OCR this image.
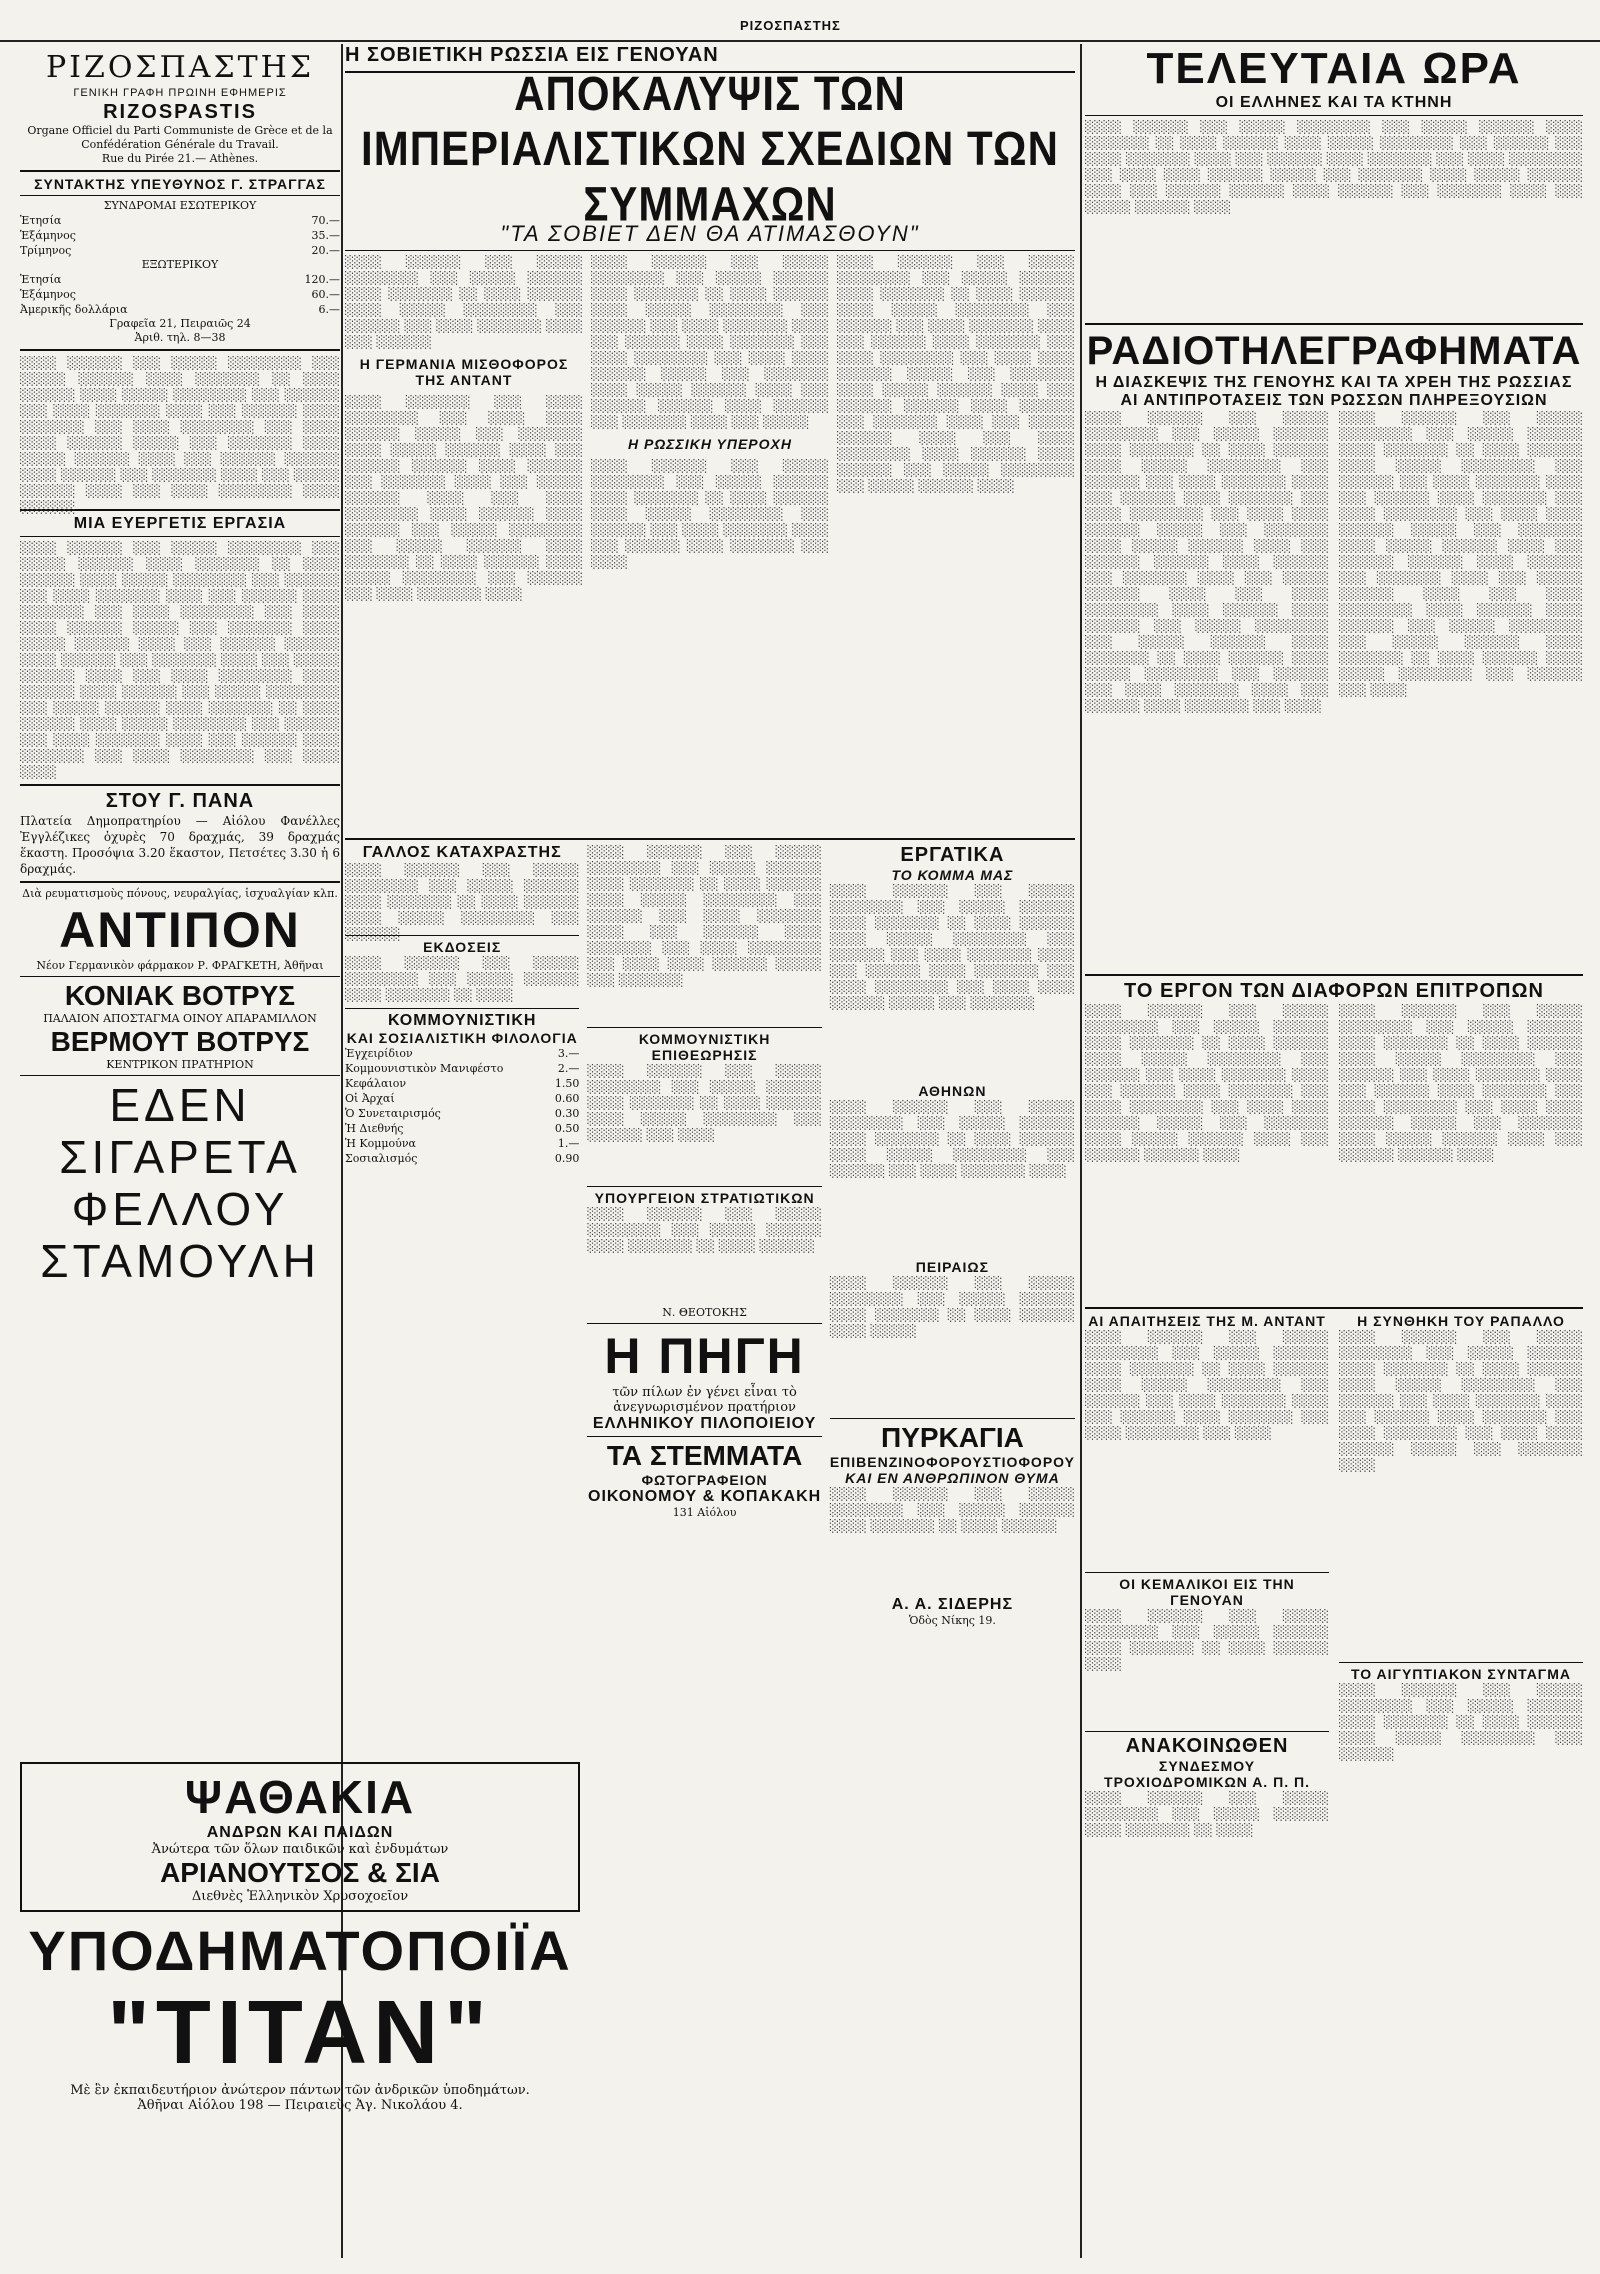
ΡΙΖΟΣΠΑΣΤΗΣ
ΡΙΖΟΣΠΑΣΤΗΣ
ΓΕΝΙΚΗ ΓΡΑΦΗ ΠΡΩΙΝΗ ΕΦΗΜΕΡΙΣ
RIZOSPASTIS
Organe Officiel du Parti Communiste de Grèce et de la Confédération Générale du Travail.
Rue du Pirée 21.— Athènes.
ΣΥΝΤΑΚΤΗΣ ΥΠΕΥΘΥΝΟΣ Γ. ΣΤΡΑΓΓΑΣ
ΣΥΝΔΡΟΜΑΙ ΕΣΩΤΕΡΙΚΟΥ
Ἐτησία	70.—
Ἑξάμηνος	35.—
Τρίμηνος	20.—
ΕΞΩΤΕΡΙΚΟΥ
Ἐτησία	120.—
Ἑξάμηνος	60.—
Ἀμερικῆς δολλάρια	6.—
Γραφεῖα 21, Πειραιῶς 24
Ἀριθ. τηλ. 8—38
░░░░ ░░░░░░ ░░░ ░░░░░ ░░░░░░░░ ░░░ ░░░░░ ░░░░░░ ░░░░ ░░░░░░░ ░░ ░░░░ ░░░░░░ ░░░░ ░░░░░ ░░░░░░░░ ░░░ ░░░░░░ ░░░ ░░░░ ░░░░░░░ ░░░░ ░░░ ░░░░░░ ░░░░ ░░░░░░░ ░░░ ░░░░ ░░░░░░░░ ░░░ ░░░░ ░░░░ ░░░░░░ ░░░░░ ░░░ ░░░░░░░ ░░░░ ░░░░░ ░░░░░░ ░░░░ ░░░ ░░░░░░ ░░░░░░ ░░░░ ░░░░░░ ░░░ ░░░░░░░ ░░░░ ░░░ ░░░░░ ░░░░░░ ░░░░ ░░░ ░░░░ ░░░░░░░░ ░░░░ ░░░░░░
ΜΙΑ ΕΥΕΡΓΕΤΙΣ ΕΡΓΑΣΙΑ
░░░░ ░░░░░░ ░░░ ░░░░░ ░░░░░░░░ ░░░ ░░░░░ ░░░░░░ ░░░░ ░░░░░░░ ░░ ░░░░ ░░░░░░ ░░░░ ░░░░░ ░░░░░░░░ ░░░ ░░░░░░ ░░░ ░░░░ ░░░░░░░ ░░░░ ░░░ ░░░░░░ ░░░░ ░░░░░░░ ░░░ ░░░░ ░░░░░░░░ ░░░ ░░░░ ░░░░ ░░░░░░ ░░░░░ ░░░ ░░░░░░░ ░░░░ ░░░░░ ░░░░░░ ░░░░ ░░░ ░░░░░░ ░░░░░░ ░░░░ ░░░░░░ ░░░ ░░░░░░░ ░░░░ ░░░ ░░░░░ ░░░░░░ ░░░░ ░░░ ░░░░ ░░░░░░░░ ░░░░ ░░░░░░ ░░░░ ░░░░░░ ░░░ ░░░░░ ░░░░░░░░ ░░░ ░░░░░ ░░░░░░ ░░░░ ░░░░░░░ ░░ ░░░░ ░░░░░░ ░░░░ ░░░░░ ░░░░░░░░ ░░░ ░░░░░░ ░░░ ░░░░ ░░░░░░░ ░░░░ ░░░ ░░░░░░ ░░░░ ░░░░░░░ ░░░ ░░░░ ░░░░░░░░ ░░░ ░░░░ ░░░░
ΣΤΟΥ Γ. ΠΑΝΑ
Πλατεία Δημοπρατηρίου — Αἰόλου Φανέλλες Ἐγγλέζικες ὀχυρὲς 70 δραχμάς, 39 δραχμάς ἕκαστη. Προσόψια 3.20 ἕκαστον, Πετσέτες 3.30 ἡ 6 δραχμάς.
Διὰ ρευματισμοὺς πόνους, νευραλγίας, ἰσχυαλγίαν κλπ.
ΑΝΤΙΠΟΝ
Νέον Γερμανικὸν φάρμακον Ρ. ΦΡΑΓΚΕΤΗ, Ἀθῆναι
ΚΟΝΙΑΚ ΒΟΤΡΥΣ
ΠΑΛΑΙΟΝ ΑΠΟΣΤΑΓΜΑ ΟΙΝΟΥ ΑΠΑΡΑΜΙΛΛΟΝ
ΒΕΡΜΟΥΤ ΒΟΤΡΥΣ
ΚΕΝΤΡΙΚΟΝ ΠΡΑΤΗΡΙΟΝ
ΕΔΕΝ
ΣΙΓΑΡΕΤΑ
ΦΕΛΛΟΥ
ΣΤΑΜΟΥΛΗ
ΨΑΘΑΚΙΑ
ΑΝΔΡΩΝ ΚΑΙ ΠΑΙΔΩΝ
Ἀνώτερα τῶν ὅλων παιδικῶν καὶ ἐνδυμάτων
ΑΡΙΑΝΟΥΤΣΟΣ & ΣΙΑ
Διεθνὲς Ἑλληνικὸν Χρυσοχοεῖον
ΥΠΟΔΗΜΑΤΟΠΟΙΪΑ
"ΤΙΤΑΝ"
Μὲ ἓν ἐκπαιδευτήριον ἀνώτερον πάντων τῶν ἀνδρικῶν ὑποδημάτων.
Ἀθῆναι Αἰόλου 198 — Πειραιεὺς Ἀγ. Νικολάου 4.
Η ΣΟΒΙΕΤΙΚΗ ΡΩΣΣΙΑ ΕΙΣ ΓΕΝΟΥΑΝ
ΑΠΟΚΑΛΥΨΙΣ ΤΩΝ ΙΜΠΕΡΙΑΛΙΣΤΙΚΩΝ ΣΧΕΔΙΩΝ ΤΩΝ ΣΥΜΜΑΧΩΝ
"ΤΑ ΣΟΒΙΕΤ ΔΕΝ ΘΑ ΑΤΙΜΑΣΘΟΥΝ"
░░░░ ░░░░░░ ░░░ ░░░░░ ░░░░░░░░ ░░░ ░░░░░ ░░░░░░ ░░░░ ░░░░░░░ ░░ ░░░░ ░░░░░░ ░░░░ ░░░░░ ░░░░░░░░ ░░░ ░░░░░░ ░░░ ░░░░ ░░░░░░░ ░░░░ ░░░ ░░░░░░
Η ΓΕΡΜΑΝΙΑ ΜΙΣΘΟΦΟΡΟΣ ΤΗΣ ΑΝΤΑΝΤ
░░░░ ░░░░░░░ ░░░ ░░░░ ░░░░░░░░ ░░░ ░░░░ ░░░░ ░░░░░░ ░░░░░ ░░░ ░░░░░░░ ░░░░ ░░░░░ ░░░░░░ ░░░░ ░░░ ░░░░░░ ░░░░░░ ░░░░ ░░░░░░ ░░░ ░░░░░░░ ░░░░ ░░░ ░░░░░ ░░░░░░ ░░░░ ░░░ ░░░░ ░░░░░░░░ ░░░░ ░░░░░░ ░░░░ ░░░░░░ ░░░ ░░░░░ ░░░░░░░░ ░░░ ░░░░░ ░░░░░░ ░░░░ ░░░░░░░ ░░ ░░░░ ░░░░░░ ░░░░ ░░░░░ ░░░░░░░░ ░░░ ░░░░░░ ░░░ ░░░░ ░░░░░░░ ░░░░
░░░░ ░░░░░░ ░░░ ░░░░░ ░░░░░░░░ ░░░ ░░░░░ ░░░░░░ ░░░░ ░░░░░░░ ░░ ░░░░ ░░░░░░ ░░░░ ░░░░░ ░░░░░░░░ ░░░ ░░░░░░ ░░░ ░░░░ ░░░░░░░ ░░░░ ░░░ ░░░░░░ ░░░░ ░░░░░░░ ░░░ ░░░░ ░░░░░░░░ ░░░ ░░░░ ░░░░ ░░░░░░ ░░░░░ ░░░ ░░░░░░░ ░░░░ ░░░░░ ░░░░░░ ░░░░ ░░░ ░░░░░░ ░░░░░░ ░░░░ ░░░░░░ ░░░ ░░░░░░░ ░░░░ ░░░ ░░░░░
Η ΡΩΣΣΙΚΗ ΥΠΕΡΟΧΗ
░░░░ ░░░░░░ ░░░ ░░░░░ ░░░░░░░░ ░░░ ░░░░░ ░░░░░░ ░░░░ ░░░░░░░ ░░ ░░░░ ░░░░░░ ░░░░ ░░░░░ ░░░░░░░░ ░░░ ░░░░░░ ░░░ ░░░░ ░░░░░░░ ░░░░ ░░░ ░░░░░░ ░░░░ ░░░░░░░ ░░░ ░░░░
░░░░ ░░░░░░ ░░░ ░░░░░ ░░░░░░░░ ░░░ ░░░░░ ░░░░░░ ░░░░ ░░░░░░░ ░░ ░░░░ ░░░░░░ ░░░░ ░░░░░ ░░░░░░░░ ░░░ ░░░░░░ ░░░ ░░░░ ░░░░░░░ ░░░░ ░░░ ░░░░░░ ░░░░ ░░░░░░░ ░░░ ░░░░ ░░░░░░░░ ░░░ ░░░░ ░░░░ ░░░░░░ ░░░░░ ░░░ ░░░░░░░ ░░░░ ░░░░░ ░░░░░░ ░░░░ ░░░ ░░░░░░ ░░░░░░ ░░░░ ░░░░░░ ░░░ ░░░░░░░ ░░░░ ░░░ ░░░░░ ░░░░░░ ░░░░ ░░░ ░░░░ ░░░░░░░░ ░░░░ ░░░░░░ ░░░░ ░░░░░░ ░░░ ░░░░░ ░░░░░░░░ ░░░ ░░░░░ ░░░░░░ ░░░░
ΓΑΛΛΟΣ ΚΑΤΑΧΡΑΣΤΗΣ
░░░░ ░░░░░░ ░░░ ░░░░░ ░░░░░░░░ ░░░ ░░░░░ ░░░░░░ ░░░░ ░░░░░░░ ░░ ░░░░ ░░░░░░ ░░░░ ░░░░░ ░░░░░░░░ ░░░ ░░░░░░
ΕΚΔΟΣΕΙΣ
░░░░ ░░░░░░ ░░░ ░░░░░ ░░░░░░░░ ░░░ ░░░░░ ░░░░░░ ░░░░ ░░░░░░░ ░░ ░░░░
ΚΟΜΜΟΥΝΙΣΤΙΚΗ
ΚΑΙ ΣΟΣΙΑΛΙΣΤΙΚΗ ΦΙΛΟΛΟΓΙΑ
Ἐγχειρίδιον	3.—
Κομμουνιστικὸν Μανιφέστο	2.—
Κεφάλαιον	1.50
Οἱ Ἀρχαί	0.60
Ὁ Συνεταιρισμός	0.30
Ἡ Διεθνής	0.50
Ἡ Κομμούνα	1.—
Σοσιαλισμός	0.90
░░░░ ░░░░░░ ░░░ ░░░░░ ░░░░░░░░ ░░░ ░░░░░ ░░░░░░ ░░░░ ░░░░░░░ ░░ ░░░░ ░░░░░░ ░░░░ ░░░░░ ░░░░░░░░ ░░░ ░░░░░░ ░░░ ░░░░ ░░░░░░░ ░░░░ ░░░ ░░░░░░ ░░░░ ░░░░░░░ ░░░ ░░░░ ░░░░░░░░ ░░░ ░░░░ ░░░░ ░░░░░░ ░░░░░ ░░░ ░░░░░░░
ΚΟΜΜΟΥΝΙΣΤΙΚΗ ΕΠΙΘΕΩΡΗΣΙΣ
░░░░ ░░░░░░ ░░░ ░░░░░ ░░░░░░░░ ░░░ ░░░░░ ░░░░░░ ░░░░ ░░░░░░░ ░░ ░░░░ ░░░░░░ ░░░░ ░░░░░ ░░░░░░░░ ░░░ ░░░░░░ ░░░ ░░░░
ΥΠΟΥΡΓΕΙΟΝ ΣΤΡΑΤΙΩΤΙΚΩΝ
░░░░ ░░░░░░ ░░░ ░░░░░ ░░░░░░░░ ░░░ ░░░░░ ░░░░░░ ░░░░ ░░░░░░░ ░░ ░░░░ ░░░░░░
Ν. ΘΕΟΤΟΚΗΣ
Η ΠΗΓΗ
τῶν πίλων ἐν γένει εἶναι τὸ ἀνεγνωρισμένον πρατήριον
ΕΛΛΗΝΙΚΟΥ ΠΙΛΟΠΟΙΕΙΟΥ
ΤΑ ΣΤΕΜΜΑΤΑ
ΦΩΤΟΓΡΑΦΕΙΟΝ
ΟΙΚΟΝΟΜΟΥ & ΚΟΠΑΚΑΚΗ
131 Αἰόλου
ΕΡΓΑΤΙΚΑ
ΤΟ ΚΟΜΜΑ ΜΑΣ
░░░░ ░░░░░░ ░░░ ░░░░░ ░░░░░░░░ ░░░ ░░░░░ ░░░░░░ ░░░░ ░░░░░░░ ░░ ░░░░ ░░░░░░ ░░░░ ░░░░░ ░░░░░░░░ ░░░ ░░░░░░ ░░░ ░░░░ ░░░░░░░ ░░░░ ░░░ ░░░░░░ ░░░░ ░░░░░░░ ░░░ ░░░░ ░░░░░░░░ ░░░ ░░░░ ░░░░ ░░░░░░ ░░░░░ ░░░ ░░░░░░░
ΑΘΗΝΩΝ
░░░░ ░░░░░░ ░░░ ░░░░░ ░░░░░░░░ ░░░ ░░░░░ ░░░░░░ ░░░░ ░░░░░░░ ░░ ░░░░ ░░░░░░ ░░░░ ░░░░░ ░░░░░░░░ ░░░ ░░░░░░ ░░░ ░░░░ ░░░░░░░ ░░░░
ΠΕΙΡΑΙΩΣ
░░░░ ░░░░░░ ░░░ ░░░░░ ░░░░░░░░ ░░░ ░░░░░ ░░░░░░ ░░░░ ░░░░░░░ ░░ ░░░░ ░░░░░░ ░░░░ ░░░░░
ΠΥΡΚΑΓΙΑ
ΕΠΙΒΕΝΖΙΝΟΦΟΡΟΥΣΤΙΟΦΟΡΟΥ
ΚΑΙ ΕΝ ΑΝΘΡΩΠΙΝΟΝ ΘΥΜΑ
░░░░ ░░░░░░ ░░░ ░░░░░ ░░░░░░░░ ░░░ ░░░░░ ░░░░░░ ░░░░ ░░░░░░░ ░░ ░░░░ ░░░░░░
Α. Α. ΣΙΔΕΡΗΣ
Ὁδὸς Νίκης 19.
ΤΕΛΕΥΤΑΙΑ ΩΡΑ
ΟΙ ΕΛΛΗΝΕΣ ΚΑΙ ΤΑ ΚΤΗΝΗ
░░░░ ░░░░░░ ░░░ ░░░░░ ░░░░░░░░ ░░░ ░░░░░ ░░░░░░ ░░░░ ░░░░░░░ ░░ ░░░░ ░░░░░░ ░░░░ ░░░░░ ░░░░░░░░ ░░░ ░░░░░░ ░░░ ░░░░ ░░░░░░░ ░░░░ ░░░ ░░░░░░ ░░░░ ░░░░░░░ ░░░ ░░░░ ░░░░░░░░ ░░░ ░░░░ ░░░░ ░░░░░░ ░░░░░ ░░░ ░░░░░░░ ░░░░ ░░░░░ ░░░░░░ ░░░░ ░░░ ░░░░░░ ░░░░░░ ░░░░ ░░░░░░ ░░░ ░░░░░░░ ░░░░ ░░░ ░░░░░ ░░░░░░ ░░░░
ΡΑΔΙΟΤΗΛΕΓΡΑΦΗΜΑΤΑ
Η ΔΙΑΣΚΕΨΙΣ ΤΗΣ ΓΕΝΟΥΗΣ ΚΑΙ ΤΑ ΧΡΕΗ ΤΗΣ ΡΩΣΣΙΑΣ
ΑΙ ΑΝΤΙΠΡΟΤΑΣΕΙΣ ΤΩΝ ΡΩΣΣΩΝ ΠΛΗΡΕΞΟΥΣΙΩΝ
░░░░ ░░░░░░ ░░░ ░░░░░ ░░░░░░░░ ░░░ ░░░░░ ░░░░░░ ░░░░ ░░░░░░░ ░░ ░░░░ ░░░░░░ ░░░░ ░░░░░ ░░░░░░░░ ░░░ ░░░░░░ ░░░ ░░░░ ░░░░░░░ ░░░░ ░░░ ░░░░░░ ░░░░ ░░░░░░░ ░░░ ░░░░ ░░░░░░░░ ░░░ ░░░░ ░░░░ ░░░░░░ ░░░░░ ░░░ ░░░░░░░ ░░░░ ░░░░░ ░░░░░░ ░░░░ ░░░ ░░░░░░ ░░░░░░ ░░░░ ░░░░░░ ░░░ ░░░░░░░ ░░░░ ░░░ ░░░░░ ░░░░░░ ░░░░ ░░░ ░░░░ ░░░░░░░░ ░░░░ ░░░░░░ ░░░░ ░░░░░░ ░░░ ░░░░░ ░░░░░░░░ ░░░ ░░░░░ ░░░░░░ ░░░░ ░░░░░░░ ░░ ░░░░ ░░░░░░ ░░░░ ░░░░░ ░░░░░░░░ ░░░ ░░░░░░ ░░░ ░░░░ ░░░░░░░ ░░░░ ░░░ ░░░░░░ ░░░░ ░░░░░░░ ░░░ ░░░░
░░░░ ░░░░░░ ░░░ ░░░░░ ░░░░░░░░ ░░░ ░░░░░ ░░░░░░ ░░░░ ░░░░░░░ ░░ ░░░░ ░░░░░░ ░░░░ ░░░░░ ░░░░░░░░ ░░░ ░░░░░░ ░░░ ░░░░ ░░░░░░░ ░░░░ ░░░ ░░░░░░ ░░░░ ░░░░░░░ ░░░ ░░░░ ░░░░░░░░ ░░░ ░░░░ ░░░░ ░░░░░░ ░░░░░ ░░░ ░░░░░░░ ░░░░ ░░░░░ ░░░░░░ ░░░░ ░░░ ░░░░░░ ░░░░░░ ░░░░ ░░░░░░ ░░░ ░░░░░░░ ░░░░ ░░░ ░░░░░ ░░░░░░ ░░░░ ░░░ ░░░░ ░░░░░░░░ ░░░░ ░░░░░░ ░░░░ ░░░░░░ ░░░ ░░░░░ ░░░░░░░░ ░░░ ░░░░░ ░░░░░░ ░░░░ ░░░░░░░ ░░ ░░░░ ░░░░░░ ░░░░ ░░░░░ ░░░░░░░░ ░░░ ░░░░░░ ░░░ ░░░░
ΤΟ ΕΡΓΟΝ ΤΩΝ ΔΙΑΦΟΡΩΝ ΕΠΙΤΡΟΠΩΝ
░░░░ ░░░░░░ ░░░ ░░░░░ ░░░░░░░░ ░░░ ░░░░░ ░░░░░░ ░░░░ ░░░░░░░ ░░ ░░░░ ░░░░░░ ░░░░ ░░░░░ ░░░░░░░░ ░░░ ░░░░░░ ░░░ ░░░░ ░░░░░░░ ░░░░ ░░░ ░░░░░░ ░░░░ ░░░░░░░ ░░░ ░░░░ ░░░░░░░░ ░░░ ░░░░ ░░░░ ░░░░░░ ░░░░░ ░░░ ░░░░░░░ ░░░░ ░░░░░ ░░░░░░ ░░░░ ░░░ ░░░░░░ ░░░░░░ ░░░░
░░░░ ░░░░░░ ░░░ ░░░░░ ░░░░░░░░ ░░░ ░░░░░ ░░░░░░ ░░░░ ░░░░░░░ ░░ ░░░░ ░░░░░░ ░░░░ ░░░░░ ░░░░░░░░ ░░░ ░░░░░░ ░░░ ░░░░ ░░░░░░░ ░░░░ ░░░ ░░░░░░ ░░░░ ░░░░░░░ ░░░ ░░░░ ░░░░░░░░ ░░░ ░░░░ ░░░░ ░░░░░░ ░░░░░ ░░░ ░░░░░░░ ░░░░ ░░░░░ ░░░░░░ ░░░░ ░░░ ░░░░░░ ░░░░░░ ░░░░
ΑΙ ΑΠΑΙΤΗΣΕΙΣ ΤΗΣ Μ. ΑΝΤΑΝΤ
░░░░ ░░░░░░ ░░░ ░░░░░ ░░░░░░░░ ░░░ ░░░░░ ░░░░░░ ░░░░ ░░░░░░░ ░░ ░░░░ ░░░░░░ ░░░░ ░░░░░ ░░░░░░░░ ░░░ ░░░░░░ ░░░ ░░░░ ░░░░░░░ ░░░░ ░░░ ░░░░░░ ░░░░ ░░░░░░░ ░░░ ░░░░ ░░░░░░░░ ░░░ ░░░░
ΟΙ ΚΕΜΑΛΙΚΟΙ ΕΙΣ ΤΗΝ ΓΕΝΟΥΑΝ
░░░░ ░░░░░░ ░░░ ░░░░░ ░░░░░░░░ ░░░ ░░░░░ ░░░░░░ ░░░░ ░░░░░░░ ░░ ░░░░ ░░░░░░ ░░░░
ΑΝΑΚΟΙΝΩΘΕΝ
ΣΥΝΔΕΣΜΟΥ ΤΡΟΧΙΟΔΡΟΜΙΚΩΝ Α. Π. Π.
░░░░ ░░░░░░ ░░░ ░░░░░ ░░░░░░░░ ░░░ ░░░░░ ░░░░░░ ░░░░ ░░░░░░░ ░░ ░░░░
Η ΣΥΝΘΗΚΗ ΤΟΥ ΡΑΠΑΛΛΟ
░░░░ ░░░░░░ ░░░ ░░░░░ ░░░░░░░░ ░░░ ░░░░░ ░░░░░░ ░░░░ ░░░░░░░ ░░ ░░░░ ░░░░░░ ░░░░ ░░░░░ ░░░░░░░░ ░░░ ░░░░░░ ░░░ ░░░░ ░░░░░░░ ░░░░ ░░░ ░░░░░░ ░░░░ ░░░░░░░ ░░░ ░░░░ ░░░░░░░░ ░░░ ░░░░ ░░░░ ░░░░░░ ░░░░░ ░░░ ░░░░░░░ ░░░░
ΤΟ ΑΙΓΥΠΤΙΑΚΟΝ ΣΥΝΤΑΓΜΑ
░░░░ ░░░░░░ ░░░ ░░░░░ ░░░░░░░░ ░░░ ░░░░░ ░░░░░░ ░░░░ ░░░░░░░ ░░ ░░░░ ░░░░░░ ░░░░ ░░░░░ ░░░░░░░░ ░░░ ░░░░░░
